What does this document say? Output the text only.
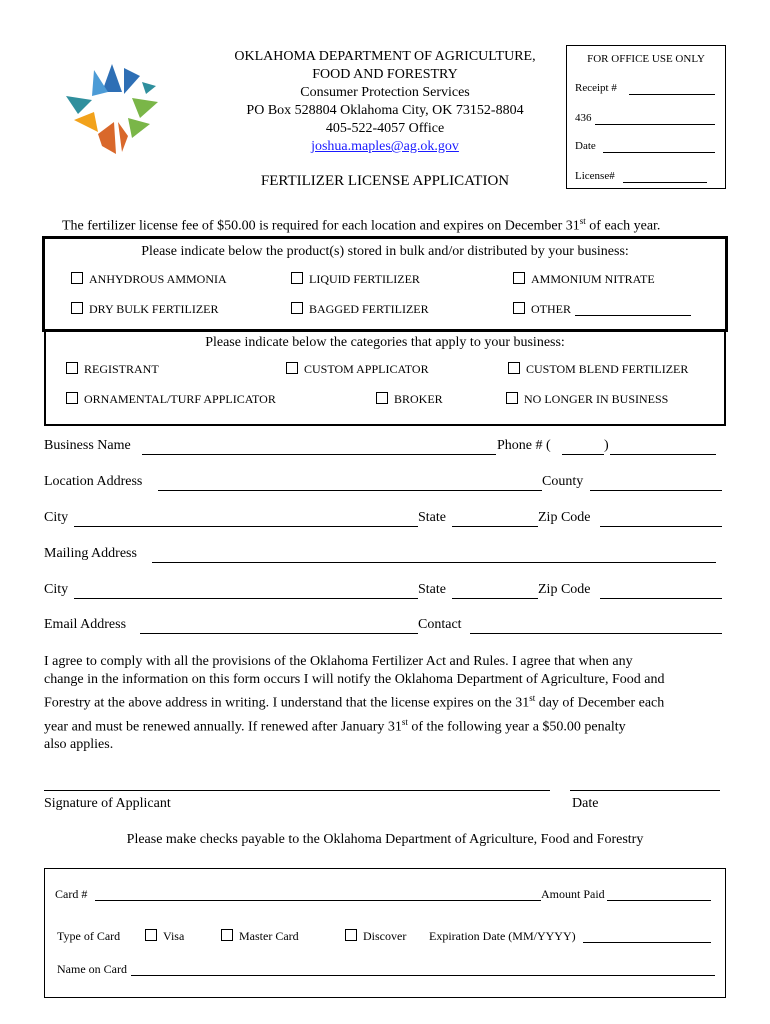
OKLAHOMA DEPARTMENT OF AGRICULTURE,
FOOD AND FORESTRY
Consumer Protection Services
PO Box 528804 Oklahoma City, OK 73152-8804
405-522-4057 Office
joshua.maples@ag.ok.gov
FERTILIZER LICENSE APPLICATION
FOR OFFICE USE ONLY
Receipt #
436
Date
License#
The fertilizer license fee of $50.00 is required for each location and expires on December 31st of each year.
Please indicate below the product(s) stored in bulk and/or distributed by your business:
ANHYDROUS AMMONIA	LIQUID FERTILIZER	AMMONIUM NITRATE
DRY BULK FERTILIZER	BAGGED FERTILIZER	OTHER
Please indicate below the categories that apply to your business:
REGISTRANT	CUSTOM APPLICATOR	CUSTOM BLEND FERTILIZER
ORNAMENTAL/TURF APPLICATOR	BROKER	NO LONGER IN BUSINESS
Business Name	Phone # (	)
Location Address	County
City	State	Zip Code
Mailing Address
City	State	Zip Code
Email Address	Contact
I agree to comply with all the provisions of the Oklahoma Fertilizer Act and Rules. I agree that when any
change in the information on this form occurs I will notify the Oklahoma Department of Agriculture, Food and
Forestry at the above address in writing. I understand that the license expires on the 31st day of December each
year and must be renewed annually. If renewed after January 31st of the following year a $50.00 penalty
also applies.
Signature of Applicant	Date
Please make checks payable to the Oklahoma Department of Agriculture, Food and Forestry
Card #	Amount Paid
Type of Card	Visa	Master Card	Discover Expiration Date (MM/YYYY)
Name on Card
